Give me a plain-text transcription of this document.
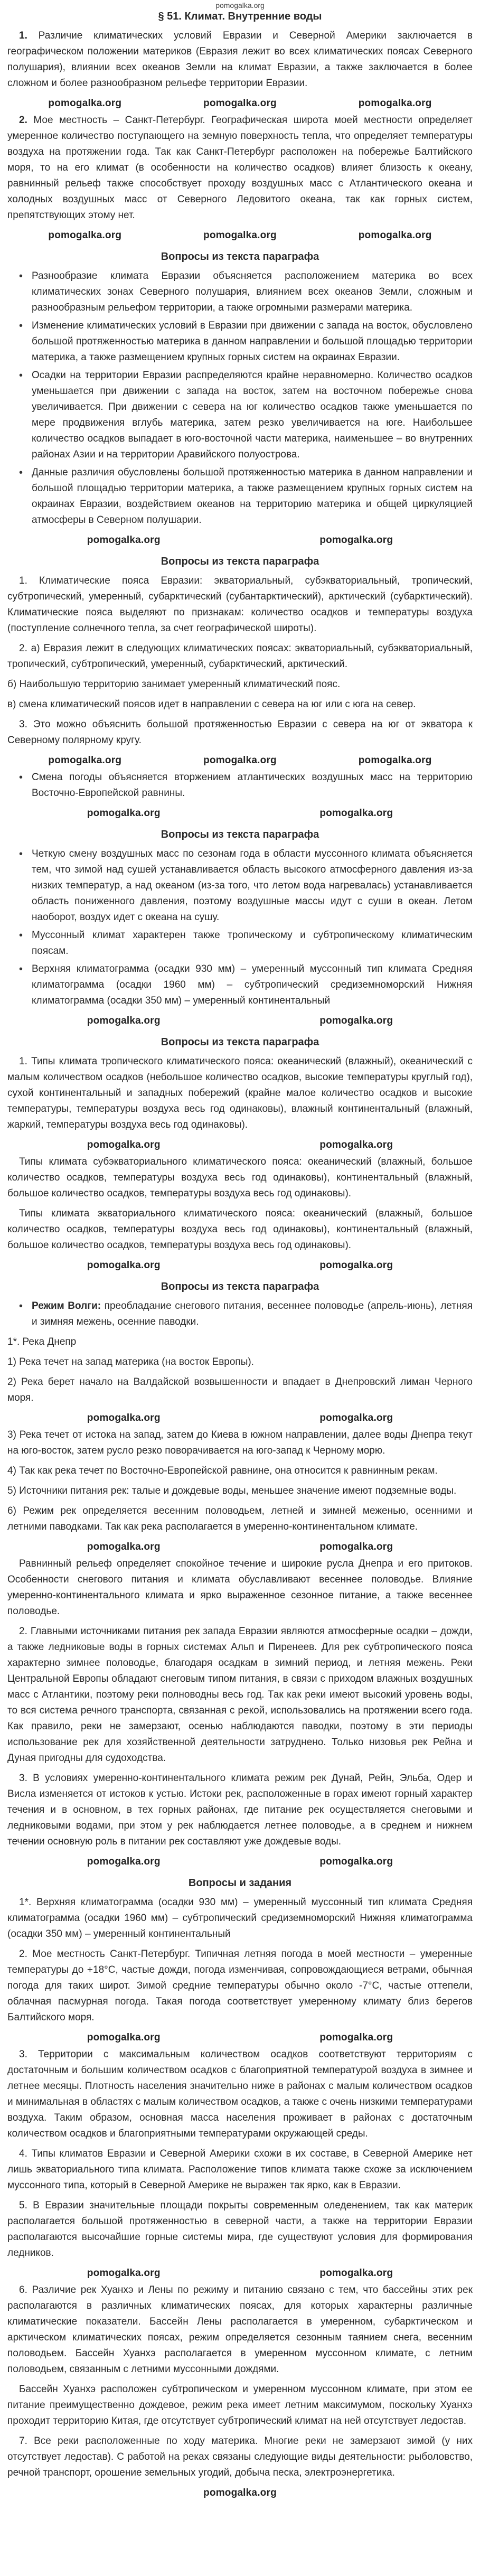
pomogalka.org
§ 51. Климат. Внутренние воды

1. Различие климатических условий Евразии и Северной Америки заключается в географическом положении материков (Евразия лежит во всех климатических поясах Северного полушария), влиянии всех океанов Земли на климат Евразии, а также заключается в более сложном и более разнообразном рельефе территории Евразии.

pomogalka.org	pomogalka.org	pomogalka.org

2. Мое местность – Санкт-Петербург. Географическая широта моей местности определяет умеренное количество поступающего на земную поверхность тепла, что определяет температуры воздуха на протяжении года. Так как Санкт-Петербург расположен на побережье Балтийского моря, то на его климат (в особенности на количество осадков) влияет близость к океану, равнинный рельеф также способствует проходу воздушных масс с Атлантического океана и холодных воздушных масс от Северного Ледовитого океана, так как горных систем, препятствующих этому нет.

pomogalka.org	pomogalka.org	pomogalka.org
Вопросы из текста параграфа
• Разнообразие климата Евразии объясняется расположением материка во всех климатических зонах Северного полушария, влиянием всех океанов Земли, сложным и разнообразным рельефом территории, а также огромными размерами материка.
• Изменение климатических условий в Евразии при движении с запада на восток, обусловлено большой протяженностью материка в данном направлении и большой площадью территории материка, а также размещением крупных горных систем на окраинах Евразии.
• Осадки на территории Евразии распределяются крайне неравномерно. Количество осадков уменьшается при движении с запада на восток, затем на восточном побережье снова увеличивается. При движении с севера на юг количество осадков также уменьшается по мере продвижения вглубь материка, затем резко увеличивается на юге. Наибольшее количество осадков выпадает в юго-восточной части материка, наименьшее – во внутренних районах Азии и на территории Аравийского полуострова.
• Данные различия обусловлены большой протяженностью материка в данном направлении и большой площадью территории материка, а также размещением крупных горных систем на окраинах Евразии, воздействием океанов на территорию материка и общей циркуляцией атмосферы в Северном полушарии.
pomogalka.org	pomogalka.org
Вопросы из текста параграфа

1. Климатические пояса Евразии: экваториальный, субэкваториальный, тропический, субтропический, умеренный, субарктический (субантарктический), арктический (субарктический). Климатические пояса выделяют по признакам: количество осадков и температуры воздуха (поступление солнечного тепла, за счет географической широты).

2. а) Евразия лежит в следующих климатических поясах: экваториальный, субэкваториальный, тропический, субтропический, умеренный, субарктический, арктический.

б) Наибольшую территорию занимает умеренный климатический пояс.

в) смена климатический поясов идет в направлении с севера на юг или с юга на север.

3. Это можно объяснить большой протяженностью Евразии с севера на юг от экватора к Северному полярному кругу.

pomogalka.org	pomogalka.org	pomogalka.org
• Смена погоды объясняется вторжением атлантических воздушных масс на территорию Восточно-Европейской равнины.
pomogalka.org	pomogalka.org
Вопросы из текста параграфа
• Четкую смену воздушных масс по сезонам года в области муссонного климата объясняется тем, что зимой над сушей устанавливается область высокого атмосферного давления из-за низких температур, а над океаном (из-за того, что летом вода нагревалась) устанавливается область пониженного давления, поэтому воздушные массы идут с суши в океан. Летом наоборот, воздух идет с океана на сушу.
• Муссонный климат характерен также тропическому и субтропическому климатическим поясам.
• Верхняя климатограмма (осадки 930 мм) – умеренный муссонный тип климата Средняя климатограмма (осадки 1960 мм) – субтропический средиземноморский Нижняя климатограмма (осадки 350 мм) – умеренный континентальный
pomogalka.org	pomogalka.org
Вопросы из текста параграфа

1. Типы климата тропического климатического пояса: океанический (влажный), океанический с малым количеством осадков (небольшое количество осадков, высокие температуры круглый год), сухой континентальный и западных побережий (крайне малое количество осадков и высокие температуры, температуры воздуха весь год одинаковы), влажный континентальный (влажный, жаркий, температуры воздуха весь год одинаковы).

pomogalka.org	pomogalka.org

Типы климата субэкваториального климатического пояса: океанический (влажный, большое количество осадков, температуры воздуха весь год одинаковы), континентальный (влажный, большое количество осадков, температуры воздуха весь год одинаковы).

Типы климата экваториального климатического пояса: океанический (влажный, большое количество осадков, температуры воздуха весь год одинаковы), континентальный (влажный, большое количество осадков, температуры воздуха весь год одинаковы).

pomogalka.org	pomogalka.org
Вопросы из текста параграфа
• Режим Волги: преобладание снегового питания, весеннее половодье (апрель-июнь), летняя и зимняя межень, осенние паводки.

1*. Река Днепр

1) Река течет на запад материка (на восток Европы).

2) Река берет начало на Валдайской возвышенности и впадает в Днепровский лиман Черного моря.

pomogalka.org	pomogalka.org

3) Река течет от истока на запад, затем до Киева в южном направлении, далее воды Днепра текут на юго-восток, затем русло резко поворачивается на юго-запад к Черному морю.

4) Так как река течет по Восточно-Европейской равнине, она относится к равнинным рекам.

5) Источники питания рек: талые и дождевые воды, меньшее значение имеют подземные воды.

6) Режим рек определяется весенним половодьем, летней и зимней меженью, осенними и летними паводками. Так как река располагается в умеренно-континентальном климате.

pomogalka.org	pomogalka.org

Равнинный рельеф определяет спокойное течение и широкие русла Днепра и его притоков. Особенности снегового питания и климата обуславливают весеннее половодье. Влияние умеренно-континентального климата и ярко выраженное сезонное питание, а также весеннее половодье.

2. Главными источниками питания рек запада Евразии являются атмосферные осадки – дожди, а также ледниковые воды в горных системах Альп и Пиренеев. Для рек субтропического пояса характерно зимнее половодье, благодаря осадкам в зимний период, и летняя межень. Реки Центральной Европы обладают снеговым типом питания, в связи с приходом влажных воздушных масс с Атлантики, поэтому реки полноводны весь год. Так как реки имеют высокий уровень воды, то вся система речного транспорта, связанная с рекой, использовались на протяжении всего года. Как правило, реки не замерзают, осенью наблюдаются паводки, поэтому в эти периоды использование рек для хозяйственной деятельности затруднено. Только низовья рек Рейна и Дуная пригодны для судоходства.

3. В условиях умеренно-континентального климата режим рек Дунай, Рейн, Эльба, Одер и Висла изменяется от истоков к устью. Истоки рек, расположенные в горах имеют горный характер течения и в основном, в тех горных районах, где питание рек осуществляется снеговыми и ледниковыми водами, при этом у рек наблюдается летнее половодье, а в среднем и нижнем течении основную роль в питании рек составляют уже дождевые воды.

pomogalka.org	pomogalka.org
Вопросы и задания

1*. Верхняя климатограмма (осадки 930 мм) – умеренный муссонный тип климата Средняя климатограмма (осадки 1960 мм) – субтропический средиземноморский Нижняя климатограмма (осадки 350 мм) – умеренный континентальный

2. Мое местность Санкт-Петербург. Типичная летняя погода в моей местности – умеренные температуры до +18°С, частые дожди, погода изменчивая, сопровождающиеся ветрами, обычная погода для таких широт. Зимой средние температуры обычно около -7°С, частые оттепели, облачная пасмурная погода. Такая погода соответствует умеренному климату близ берегов Балтийского моря.

pomogalka.org	pomogalka.org

3. Территории с максимальным количеством осадков соответствуют территориям с достаточным и большим количеством осадков с благоприятной температурой воздуха в зимнее и летнее месяцы. Плотность населения значительно ниже в районах с малым количеством осадков и минимальная в областях с малым количеством осадков, а также с очень низкими температурами воздуха. Таким образом, основная масса населения проживает в районах с достаточным количеством осадков и благоприятными температурами окружающей среды.

4. Типы климатов Евразии и Северной Америки схожи в их составе, в Северной Америке нет лишь экваториального типа климата. Расположение типов климата также схоже за исключением муссонного типа, который в Северной Америке не выражен так ярко, как в Евразии.

5. В Евразии значительные площади покрыты современным оледенением, так как материк располагается большой протяженностью в северной части, а также на территории Евразии располагаются высочайшие горные системы мира, где существуют условия для формирования ледников.

pomogalka.org	pomogalka.org

6. Различие рек Хуанхэ и Лены по режиму и питанию связано с тем, что бассейны этих рек располагаются в различных климатических поясах, для которых характерны различные климатические показатели. Бассейн Лены располагается в умеренном, субарктическом и арктическом климатических поясах, режим определяется сезонным таянием снега, весенним половодьем. Бассейн Хуанхэ располагается в умеренном муссонном климате, с летним половодьем, связанным с летними муссонными дождями.

Бассейн Хуанхэ расположен субтропическом и умеренном муссонном климате, при этом ее питание преимущественно дождевое, режим река имеет летним максимумом, поскольку Хуанхэ проходит территорию Китая, где отсутствует субтропический климат на ней отсутствует ледостав.

7. Все реки расположенные по ходу материка. Многие реки не замерзают зимой (у них отсутствует ледостав). С работой на реках связаны следующие виды деятельности: рыболовство, речной транспорт, орошение земельных угодий, добыча песка, электроэнергетика.

pomogalka.org
